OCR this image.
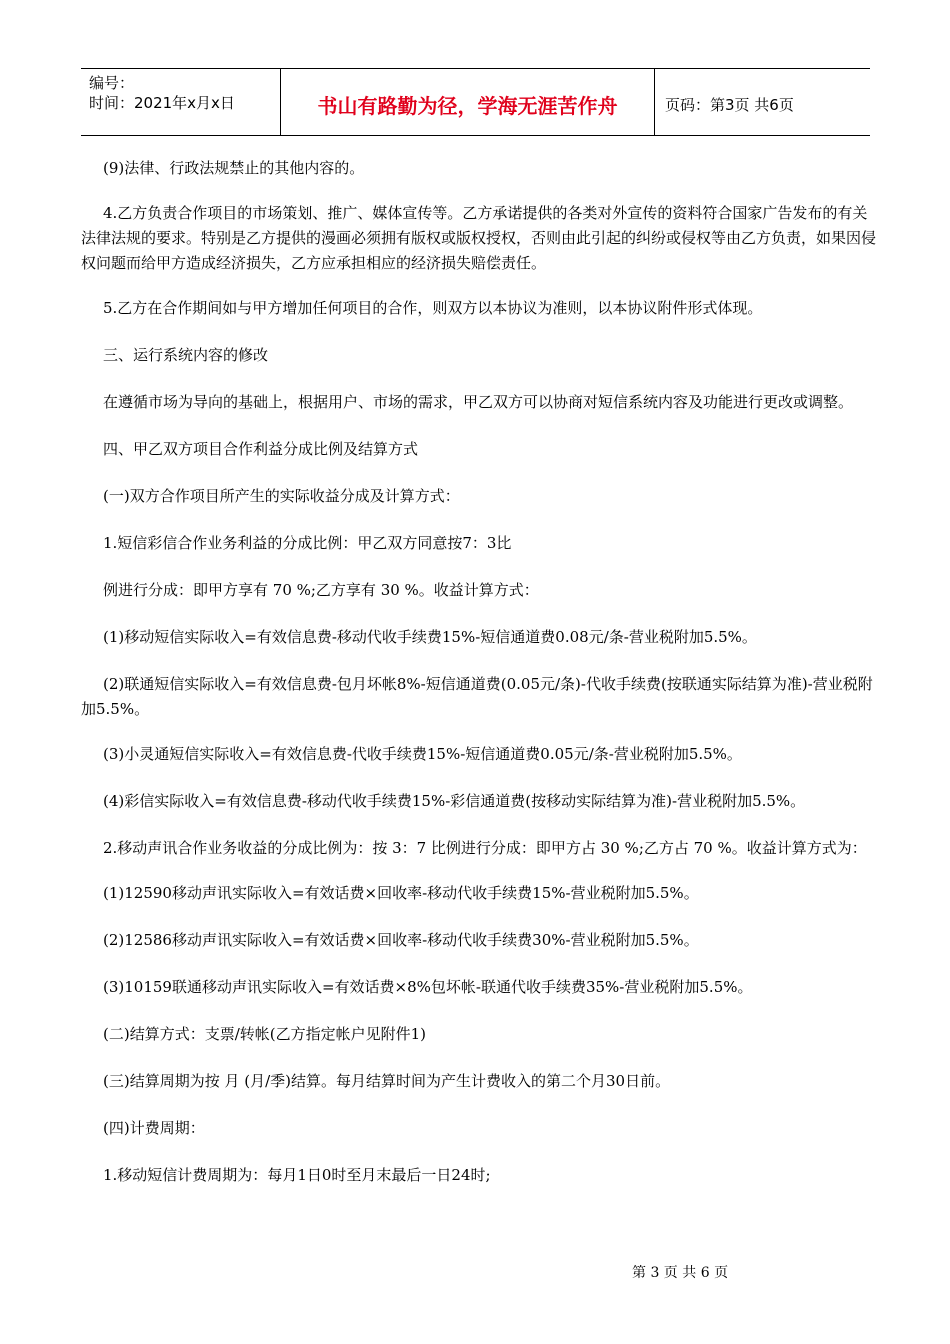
编号：
时间：2021年x月x日	书山有路勤为径，学海无涯苦作舟	页码：第3页 共6页

(9)法律、行政法规禁止的其他内容的。

4.乙方负责合作项目的市场策划、推广、媒体宣传等。乙方承诺提供的各类对外宣传的资料符合国家广告发布的有关法律法规的要求。特别是乙方提供的漫画必须拥有版权或版权授权，否则由此引起的纠纷或侵权等由乙方负责，如果因侵权问题而给甲方造成经济损失，乙方应承担相应的经济损失赔偿责任。

5.乙方在合作期间如与甲方增加任何项目的合作，则双方以本协议为准则，以本协议附件形式体现。

三、运行系统内容的修改

在遵循市场为导向的基础上，根据用户、市场的需求，甲乙双方可以协商对短信系统内容及功能进行更改或调整。

四、甲乙双方项目合作利益分成比例及结算方式

(一)双方合作项目所产生的实际收益分成及计算方式：

1.短信彩信合作业务利益的分成比例：甲乙双方同意按7：3比

例进行分成：即甲方享有 70 %;乙方享有 30 %。收益计算方式：

(1)移动短信实际收入=有效信息费-移动代收手续费15%-短信通道费0.08元/条-营业税附加5.5%。

(2)联通短信实际收入=有效信息费-包月坏帐8%-短信通道费(0.05元/条)-代收手续费(按联通实际结算为准)-营业税附加5.5%。

(3)小灵通短信实际收入=有效信息费-代收手续费15%-短信通道费0.05元/条-营业税附加5.5%。

(4)彩信实际收入=有效信息费-移动代收手续费15%-彩信通道费(按移动实际结算为准)-营业税附加5.5%。

2.移动声讯合作业务收益的分成比例为：按 3：7 比例进行分成：即甲方占 30 %;乙方占 70 %。收益计算方式为：

(1)12590移动声讯实际收入=有效话费×回收率-移动代收手续费15%-营业税附加5.5%。

(2)12586移动声讯实际收入=有效话费×回收率-移动代收手续费30%-营业税附加5.5%。

(3)10159联通移动声讯实际收入=有效话费×8%包坏帐-联通代收手续费35%-营业税附加5.5%。

(二)结算方式：支票/转帐(乙方指定帐户见附件1)

(三)结算周期为按 月 (月/季)结算。每月结算时间为产生计费收入的第二个月30日前。

(四)计费周期：

1.移动短信计费周期为：每月1日0时至月末最后一日24时;

第 3 页 共 6 页
